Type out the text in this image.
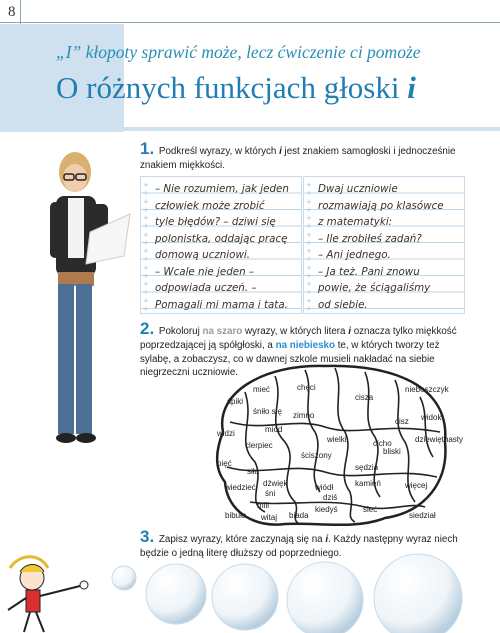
8
„I” kłopoty sprawić może, lecz ćwiczenie ci pomoże
O różnych funkcjach głoski i
1. Podkreśl wyrazy, w których i jest znakiem samogłoski i jednocześnie znakiem miękkości.
+
+
+
+
+
+
+
+
+
+
+
+
+
+
+
+
– Nie rozumiem, jak jeden
człowiek może zrobić
tyle błędów? – dziwi się
polonistka, oddając pracę
domową uczniowi.
– Wcale nie jeden –
odpowiada uczeń. –
Pomagali mi mama i tata.
+
+
+
+
+
+
+
+
+
+
+
+
+
+
+
+
Dwaj uczniowie
rozmawiają po klasówce
z matematyki:
– Ile zrobiłeś zadań?
– Ani jednego.
– Ja też. Pani znowu
powie, że ściągaliśmy
od siebie.
2. Pokoloruj na szaro wyrazy, w których litera i oznacza tylko miękkość poprzedzającej ją spółgłoski, a na niebiesko te, w których tworzy też sylabę, a zobaczysz, co w dawnej szkole musieli nakładać na siebie niegrzeczni uczniowie.
śpiki
mieć	chęci
śniło się zimno
cisza
nieboszczyk
widok
widzi	miód
cisz
clerpiec
dziewiętnasty
wielki	cicho
ściszony	bliski
pięć
siła	sędzia
dźwięk	kamień
wiedzieć
śni
wiódł
dziś
więcej
bibuła
mili	kiedyś	sieć
siedział
witaj biada
3. Zapisz wyrazy, które zaczynają się na i. Każdy następny wyraz niech będzie o jedną literę dłuższy od poprzedniego.
